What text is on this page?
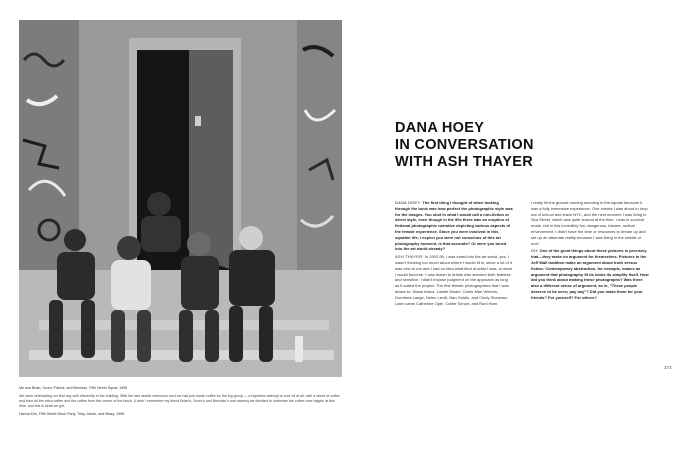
Me and Brian, Scum, Patrick, and Brendan, Fifth Street Squat, 1998

We were celebrating our first day with electricity in the building. With the last usable extension cord we had just made coffee for the big group — a hopeless attempt to cool off at all, with a sheet of coffee and then all the extra coffee and the coffee from the corner of the block. (I wish I remember my friend Brian's, Scum's and Brendan's real names) we decided to celebrate the coffee over bagels at this time, and this is what we got.

Hanna Kim, Fifth Street Block Party, Toby, Jaime, and Missy, 1998

DANA HOEY
IN CONVERSATION
WITH ASH THAYER

DANA HOEY: The first thing I thought of when looking through the book was how perfect the photographic style was for the images. You shot in what I would call a non-fiction or direct style, even though in the 90s there was an eruption of fictional photographic narrative depicting various aspects of the female experience. Since you were involved in this squatter life, I expect you were not conscious of this art photography moment, is that accurate? Or were you tuned into the art world already?

ASH THAYER: In 1992-95, I was tuned into the art world, yes. I wasn't thinking too much about where I would fit in, since a lot of it was new to me and I had no idea what kind of artist I was, or what I would become. I was drawn to artists who seemed both fearless and sensitive. I didn't impose judgment on the approach as long as it suited the project. The first female photographers that I was drawn to: Diane Arbus, Lisette Model, Carrie Mae Weems, Dorothea Lange, Helen Levitt, Nan Goldin, and Cindy Sherman. Later came Catherine Opie, Collier Schorr, and Roni Horn.

I really hit the ground running shooting in the squats because it was a fully immersive experience. One minute I was about to drop out of school and leave NYC, and the next moment I was living in Sea Street, which was quite surreal at the time. I was in survival mode, but in this incredibly fun, dangerous, bizarre, radical environment. I didn't have the time or resources to dream up and set up an alternate reality because I was living in the middle of one!

DH: One of the great things about these pictures is precisely that—they make no argument for themselves. Pictures in the Jeff Wall tradition make an argument about truth versus fiction. Contemporary abstraction, for example, makes an argument that photography fit its looks its simplify itself. How did you think about making these photographs? Was there also a different sense of argument, as in, "These people deserve to be seen; pay any"? Did you make them for your friends? For yourself? For others?

373
